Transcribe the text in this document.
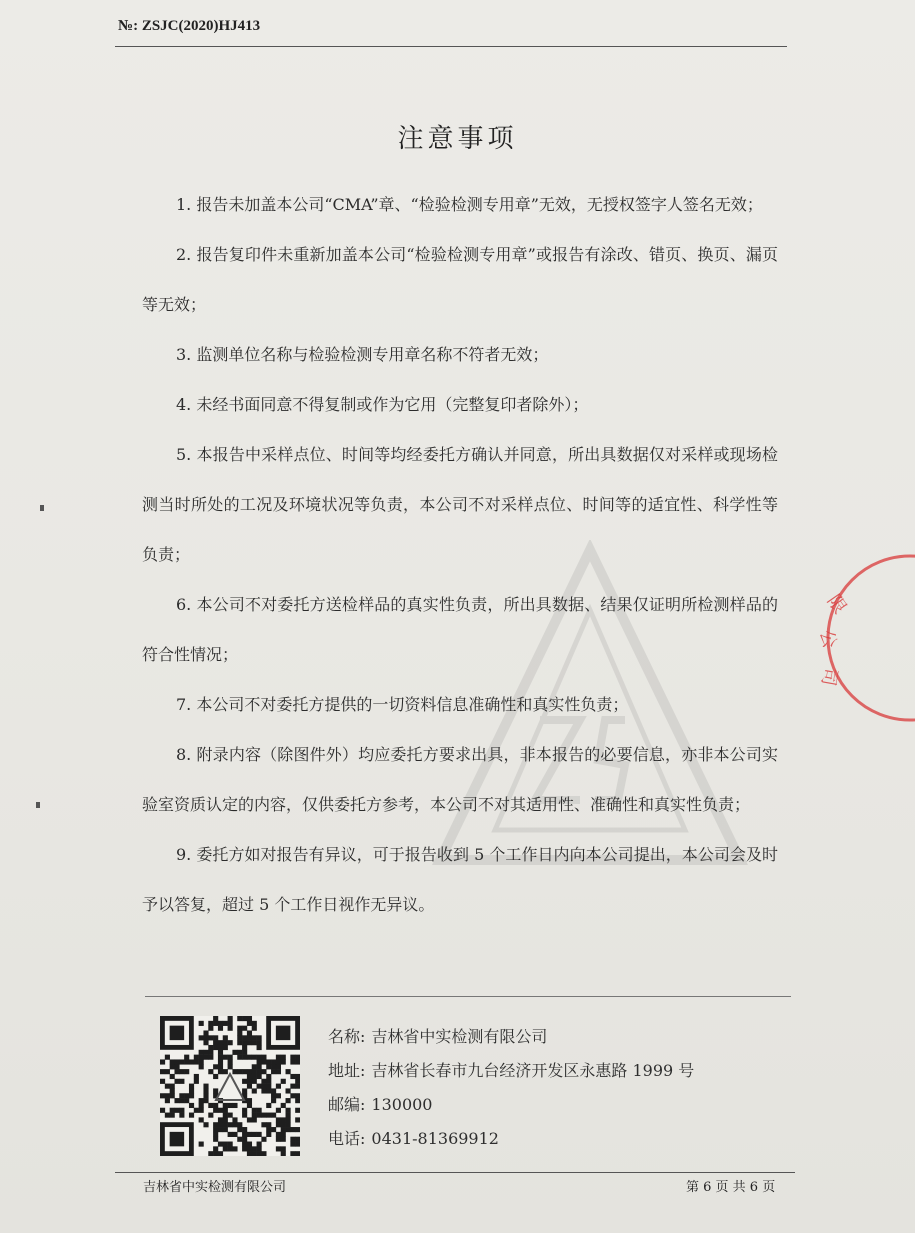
№: ZSJC(2020)HJ413
注意事项

1. 报告未加盖本公司“CMA”章、“检验检测专用章”无效，无授权签字人签名无效；

2. 报告复印件未重新加盖本公司“检验检测专用章”或报告有涂改、错页、换页、漏页等无效；

3. 监测单位名称与检验检测专用章名称不符者无效；

4. 未经书面同意不得复制或作为它用（完整复印者除外）；

5. 本报告中采样点位、时间等均经委托方确认并同意，所出具数据仅对采样或现场检测当时所处的工况及环境状况等负责，本公司不对采样点位、时间等的适宜性、科学性等负责；

6. 本公司不对委托方送检样品的真实性负责，所出具数据、结果仅证明所检测样品的符合性情况；

7. 本公司不对委托方提供的一切资料信息准确性和真实性负责；

8. 附录内容（除图件外）均应委托方要求出具，非本报告的必要信息，亦非本公司实验室资质认定的内容，仅供委托方参考，本公司不对其适用性、准确性和真实性负责；

9. 委托方如对报告有异议，可于报告收到 5 个工作日内向本公司提出，本公司会及时予以答复，超过 5 个工作日视作无异议。

限
公
司
名称: 吉林省中实检测有限公司
地址: 吉林省长春市九台经济开发区永惠路 1999 号
邮编: 130000
电话: 0431-81369912
吉林省中实检测有限公司	第 6 页 共 6 页
